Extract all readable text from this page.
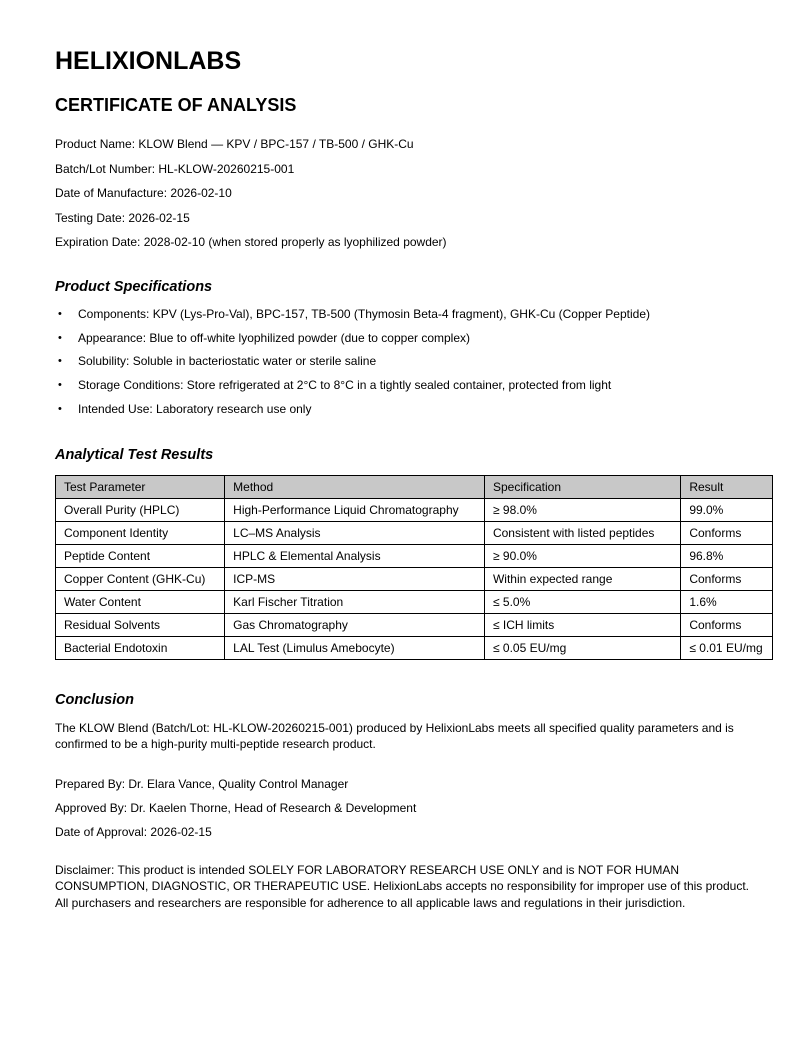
HELIXIONLABS
CERTIFICATE OF ANALYSIS

Product Name: KLOW Blend — KPV / BPC-157 / TB-500 / GHK-Cu

Batch/Lot Number: HL-KLOW-20260215-001

Date of Manufacture: 2026-02-10

Testing Date: 2026-02-15

Expiration Date: 2028-02-10 (when stored properly as lyophilized powder)

Product Specifications
• Components: KPV (Lys-Pro-Val), BPC-157, TB-500 (Thymosin Beta-4 fragment), GHK-Cu (Copper Peptide)
• Appearance: Blue to off-white lyophilized powder (due to copper complex)
• Solubility: Soluble in bacteriostatic water or sterile saline
• Storage Conditions: Store refrigerated at 2°C to 8°C in a tightly sealed container, protected from light
• Intended Use: Laboratory research use only
Analytical Test Results
Test Parameter	Method	Specification	Result
Overall Purity (HPLC)	High-Performance Liquid Chromatography	≥ 98.0%	99.0%
Component Identity	LC–MS Analysis	Consistent with listed peptides	Conforms
Peptide Content	HPLC & Elemental Analysis	≥ 90.0%	96.8%
Copper Content (GHK-Cu)	ICP-MS	Within expected range	Conforms
Water Content	Karl Fischer Titration	≤ 5.0%	1.6%
Residual Solvents	Gas Chromatography	≤ ICH limits	Conforms
Bacterial Endotoxin	LAL Test (Limulus Amebocyte)	≤ 0.05 EU/mg	≤ 0.01 EU/mg
Conclusion

The KLOW Blend (Batch/Lot: HL-KLOW-20260215-001) produced by HelixionLabs meets all specified quality parameters and is confirmed to be a high-purity multi-peptide research product.

Prepared By: Dr. Elara Vance, Quality Control Manager

Approved By: Dr. Kaelen Thorne, Head of Research & Development

Date of Approval: 2026-02-15

Disclaimer: This product is intended SOLELY FOR LABORATORY RESEARCH USE ONLY and is NOT FOR HUMAN CONSUMPTION, DIAGNOSTIC, OR THERAPEUTIC USE. HelixionLabs accepts no responsibility for improper use of this product. All purchasers and researchers are responsible for adherence to all applicable laws and regulations in their jurisdiction.
